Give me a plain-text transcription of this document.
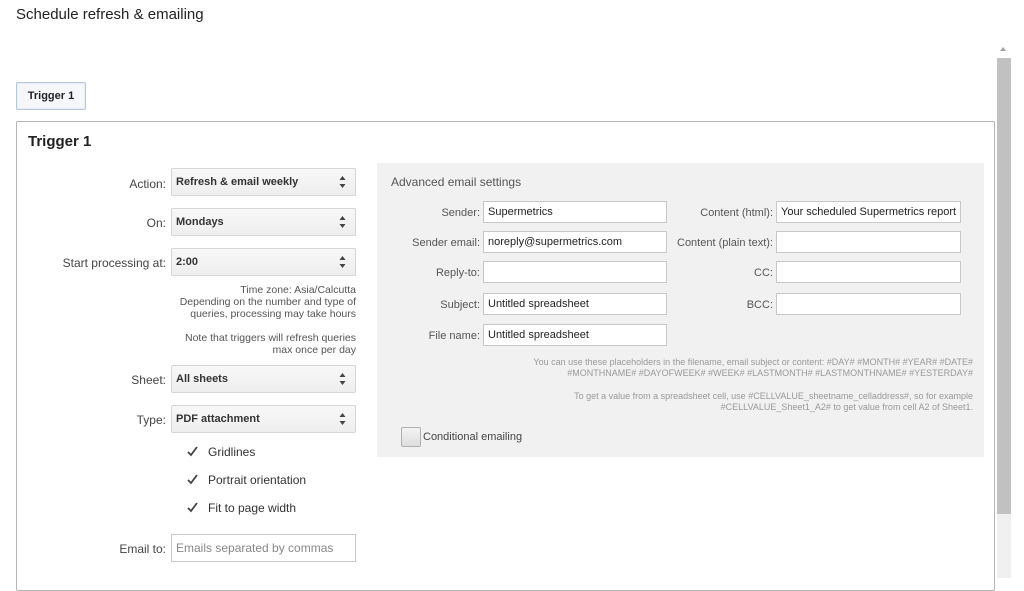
Schedule refresh & emailing
Trigger 1
Trigger 1
Action: Refresh & email weekly
On: Mondays
Start processing at: 2:00
Time zone: Asia/Calcutta
Depending on the number and type of
queries, processing may take hours
Note that triggers will refresh queries
max once per day
Sheet: All sheets
Type: PDF attachment
Gridlines
Portrait orientation
Fit to page width
Email to: Emails separated by commas
Advanced email settings
Sender: Supermetrics
Sender email: noreply@supermetrics.com
Reply-to:
Subject: Untitled spreadsheet
File name: Untitled spreadsheet
Content (html): Your scheduled Supermetrics report
Content (plain text):
CC:
BCC:
You can use these placeholders in the filename, email subject or content: #DAY# #MONTH# #YEAR# #DATE#
#MONTHNAME# #DAYOFWEEK# #WEEK# #LASTMONTH# #LASTMONTHNAME# #YESTERDAY#
To get a value from a spreadsheet cell, use #CELLVALUE_sheetname_celladdress#, so for example
#CELLVALUE_Sheet1_A2# to get value from cell A2 of Sheet1.
Conditional emailing
